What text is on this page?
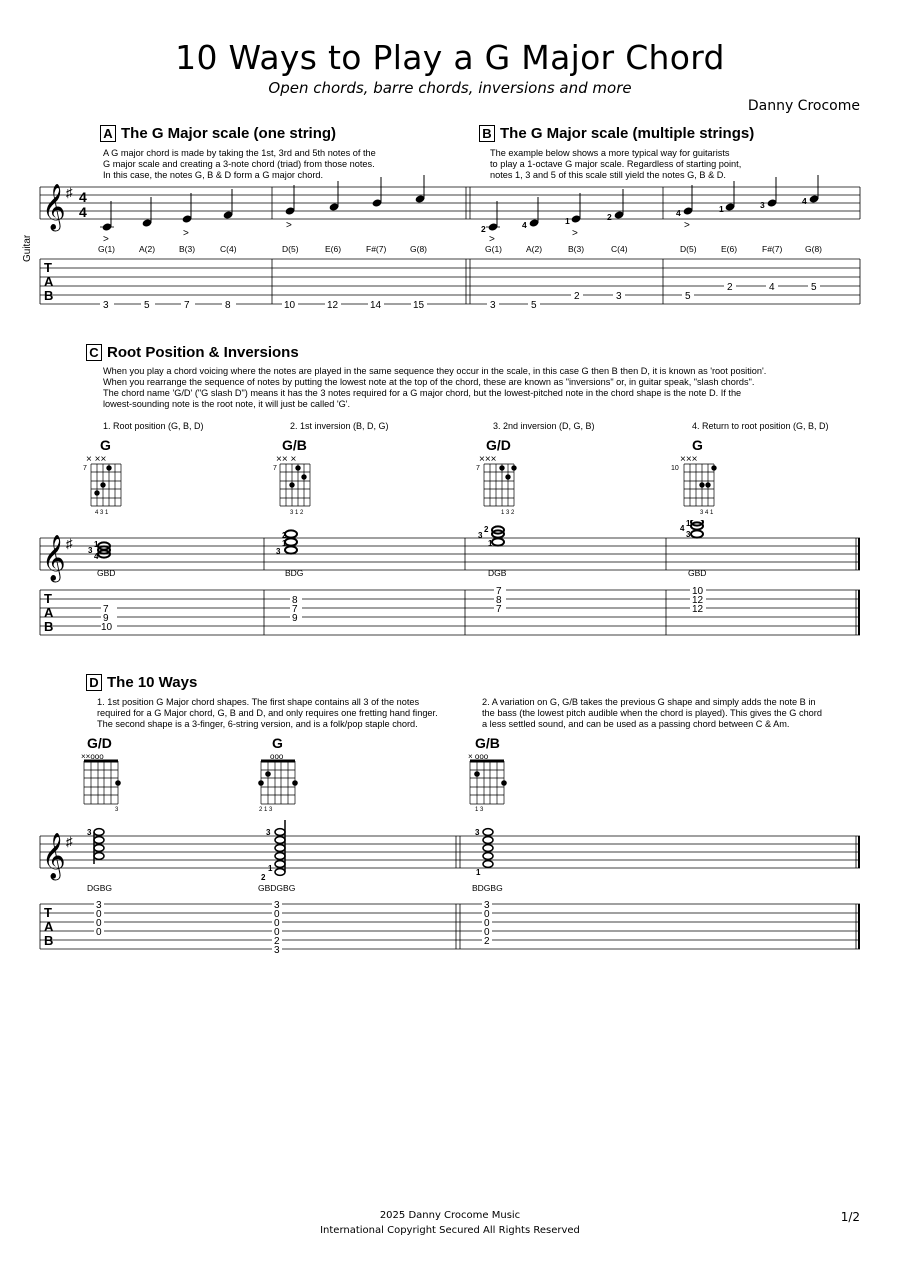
10 Ways to Play a G Major Chord
Open chords, barre chords, inversions and more
Danny Crocome
Guitar
A The G Major scale (one string)
A G major chord is made by taking the 1st, 3rd and 5th notes of the
G major scale and creating a 3-note chord (triad) from those notes.
In this case, the notes G, B & D form a G major chord.
B The G Major scale (multiple strings)
The example below shows a more typical way for guitarists
to play a 1-octave G major scale. Regardless of starting point,
notes 1, 3 and 5 of this scale still yield the notes G, B & D.
𝄞 ♯ 4
4
>
>
>
G(1)	A(2)	B(3)	C(4)	D(5)	E(6)	F#(7)	G(8)
2	4	1	2	4	1	3	4
>
>
>
G(1)	A(2)	B(3)	C(4)	D(5)	E(6)	F#(7)	G(8)
T
A
B
3	5	7	8	10	12	14	15	3	5
2	3	5
2	4	5
C Root Position & Inversions
When you play a chord voicing where the notes are played in the same sequence they occur in the scale, in this case G then B then D, it is known as 'root position'.
When you rearrange the sequence of notes by putting the lowest note at the top of the chord, these are known as "inversions" or, in guitar speak, "slash chords".
The chord name 'G/D' ("G slash D") means it has the 3 notes required for a G major chord, but the lowest-pitched note in the chord shape is the note D. If the
lowest-sounding note is the root note, it will just be called 'G'.
1. Root position (G, B, D)	2. 1st inversion (B, D, G)	3. 2nd inversion (D, G, B)	4. Return to root position (G, B, D)
G
× ××
7
4 3 1
G/B
×× ×
7
3 1 2
G/D
×××
7
1 3 2
G
×××
10
3 4 1
𝄞 ♯	1
3
4
2
1
3
2
3
1
1
4
3
GBD	BDG	DGB	GBD
T
A
B
7
9
10
8
7
9
7
8
7
10
12
12
D The 10 Ways
1. 1st position G Major chord shapes. The first shape contains all 3 of the notes
required for a G Major chord, G, B and D, and only requires one fretting hand finger.
The second shape is a 3-finger, 6-string version, and is a folk/pop staple chord.
2. A variation on G, G/B takes the previous G shape and simply adds the note B in
the bass (the lowest pitch audible when the chord is played). This gives the G chord
a less settled sound, and can be used as a passing chord between C & Am.
G/D
××ooo
3
G
ooo
2 1 3
G/B
× ooo
1 3
𝄞 ♯
3	3
1
2
3
1
DGBG	GBDGBG	BDGBG
T
A
B
3
0
0
0
3
0
0
0
2
3
3
0
0
0
2
2025 Danny Crocome Music
International Copyright Secured All Rights Reserved
1/2
